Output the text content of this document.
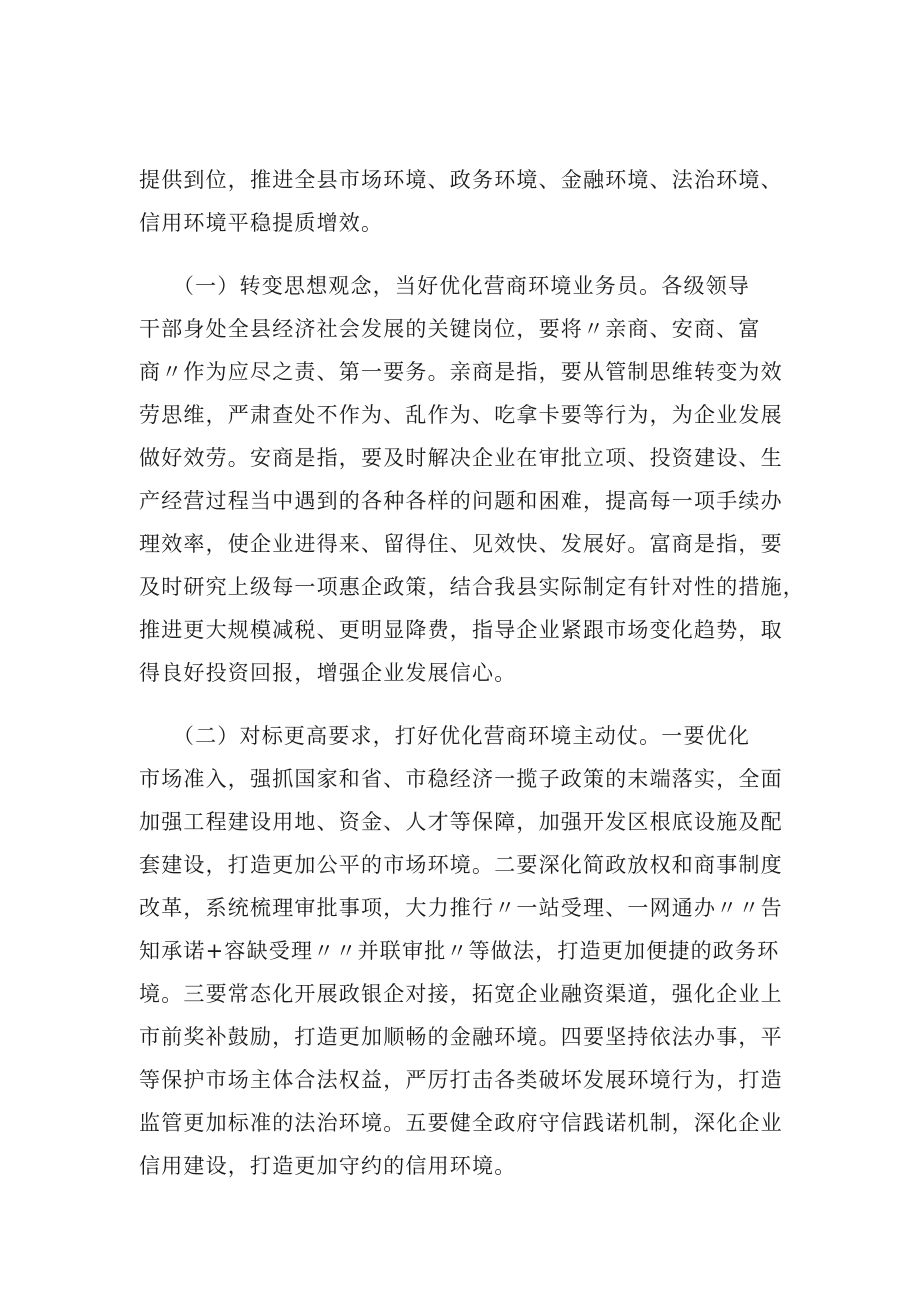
提供到位，推进全县市场环境、政务环境、金融环境、法治环境、
信用环境平稳提质增效。
　　（一）转变思想观念，当好优化营商环境业务员。各级领导
干部身处全县经济社会发展的关键岗位，要将〃亲商、安商、富
商〃作为应尽之责、第一要务。亲商是指，要从管制思维转变为效
劳思维，严肃查处不作为、乱作为、吃拿卡要等行为，为企业发展
做好效劳。安商是指，要及时解决企业在审批立项、投资建设、生
产经营过程当中遇到的各种各样的问题和困难，提高每一项手续办
理效率，使企业进得来、留得住、见效快、发展好。富商是指，要
及时研究上级每一项惠企政策，结合我县实际制定有针对性的措施，
推进更大规模减税、更明显降费，指导企业紧跟市场变化趋势，取
得良好投资回报，增强企业发展信心。
　　（二）对标更高要求，打好优化营商环境主动仗。一要优化
市场准入，强抓国家和省、市稳经济一揽子政策的末端落实，全面
加强工程建设用地、资金、人才等保障，加强开发区根底设施及配
套建设，打造更加公平的市场环境。二要深化简政放权和商事制度
改革，系统梳理审批事项，大力推行〃一站受理、一网通办〃〃告
知承诺+容缺受理〃〃并联审批〃等做法，打造更加便捷的政务环
境。三要常态化开展政银企对接，拓宽企业融资渠道，强化企业上
市前奖补鼓励，打造更加顺畅的金融环境。四要坚持依法办事，平
等保护市场主体合法权益，严厉打击各类破坏发展环境行为，打造
监管更加标准的法治环境。五要健全政府守信践诺机制，深化企业
信用建设，打造更加守约的信用环境。
